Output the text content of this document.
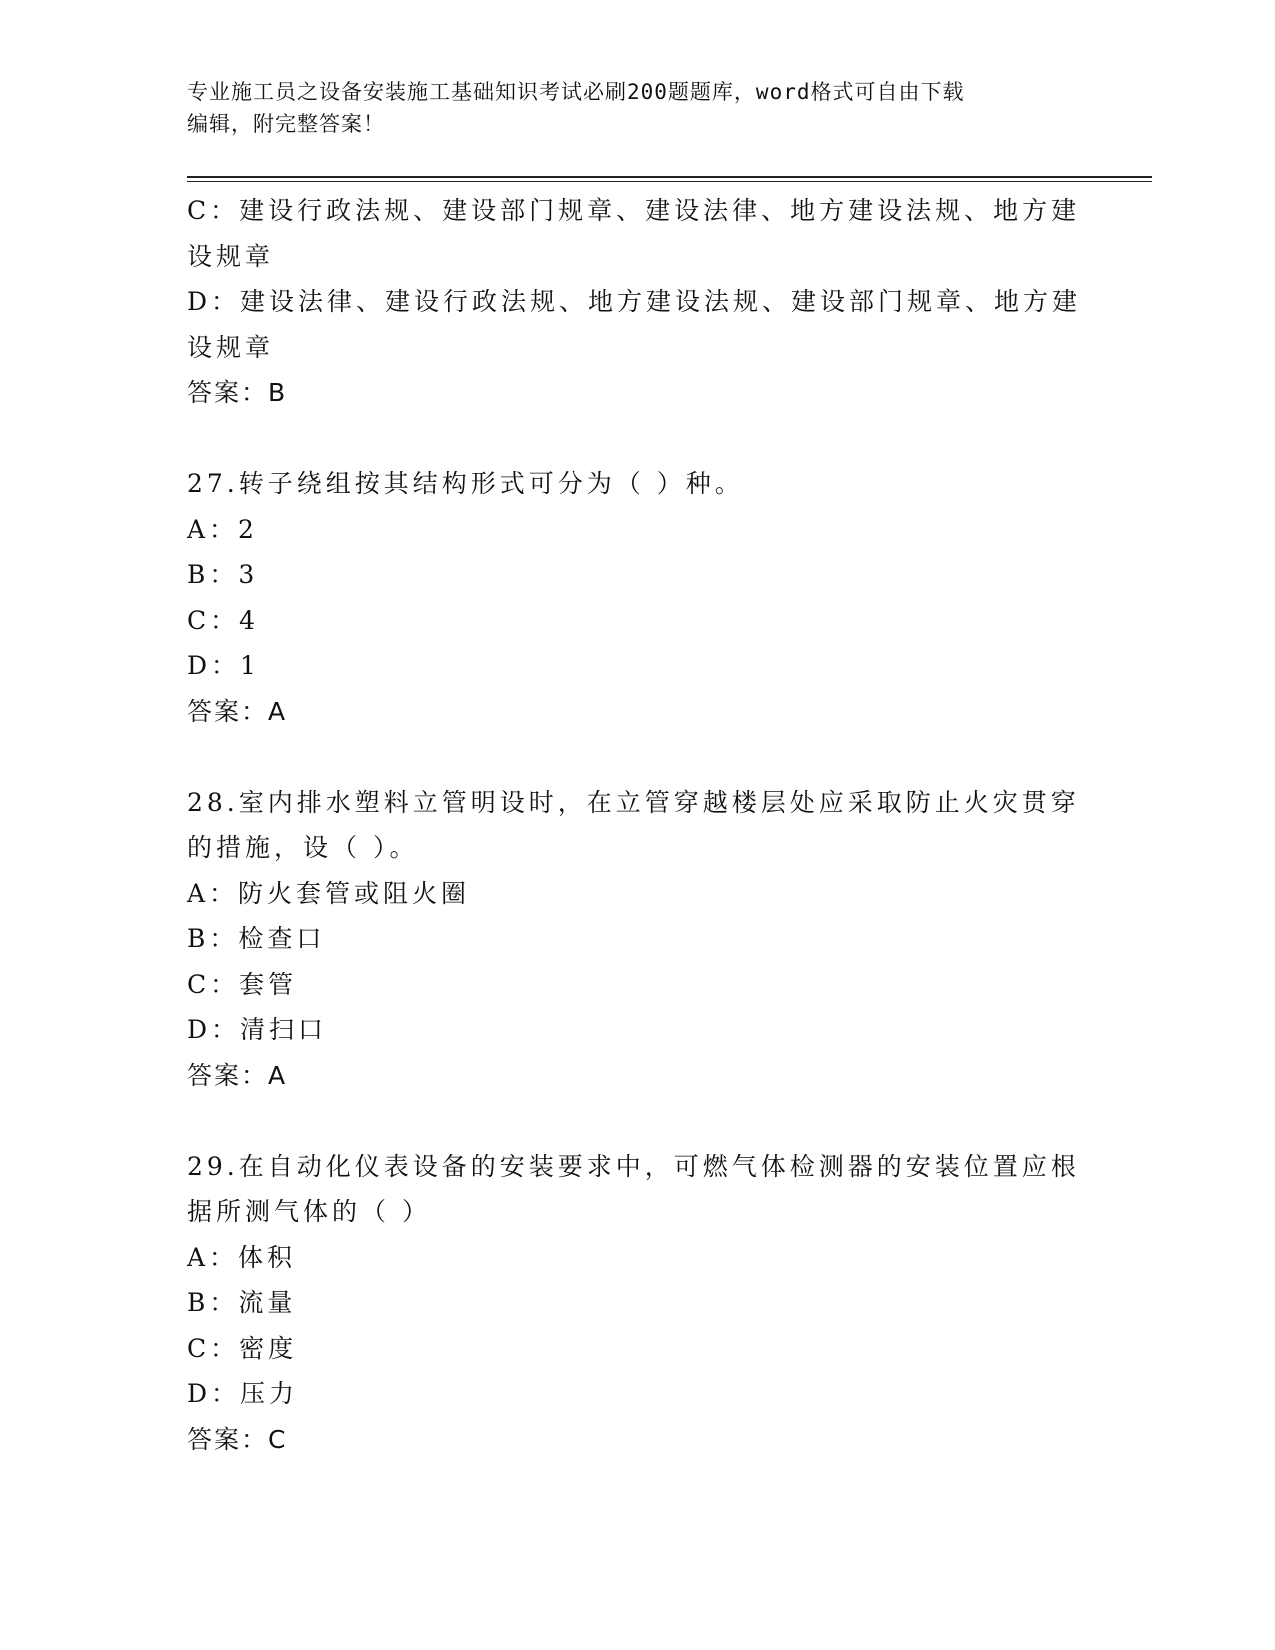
专业施工员之设备安装施工基础知识考试必刷200题题库，word格式可自由下载
编辑，附完整答案！
C：建设行政法规、建设部门规章、建设法律、地方建设法规、地方建
设规章
D：建设法律、建设行政法规、地方建设法规、建设部门规章、地方建
设规章
答案：B
27.转子绕组按其结构形式可分为（ ）种。
A：2
B：3
C：4
D：1
答案：A
28.室内排水塑料立管明设时，在立管穿越楼层处应采取防止火灾贯穿
的措施，设（ ）。
A：防火套管或阻火圈
B：检查口
C：套管
D：清扫口
答案：A
29.在自动化仪表设备的安装要求中，可燃气体检测器的安装位置应根
据所测气体的（ ）
A：体积
B：流量
C：密度
D：压力
答案：C
